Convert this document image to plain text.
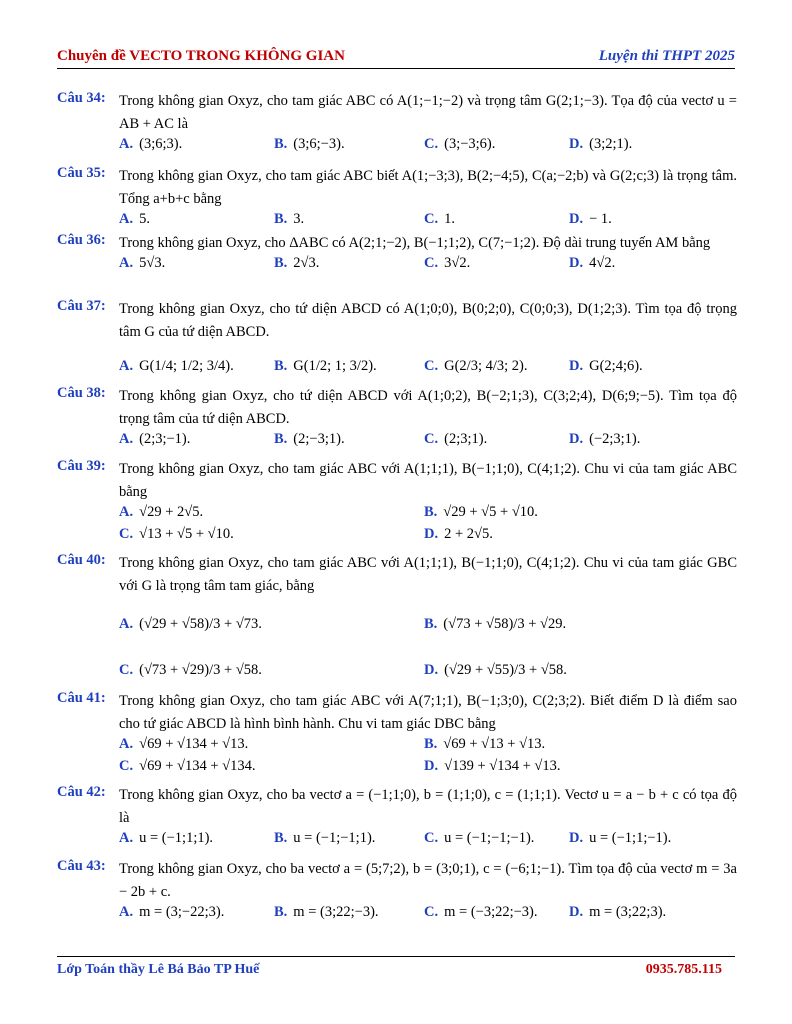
Chuyên đề VECTO TRONG KHÔNG GIAN	Luyện thi THPT 2025
Câu 34: Trong không gian Oxyz, cho tam giác ABC có A(1;−1;−2) và trọng tâm G(2;1;−3). Tọa độ của vectơ u = AB + AC là
A. (3;6;3).	B. (3;6;−3).	C. (3;−3;6).	D. (3;2;1).
Câu 35: Trong không gian Oxyz, cho tam giác ABC biết A(1;−3;3), B(2;−4;5), C(a;−2;b) và G(2;c;3) là trọng tâm. Tổng a+b+c bằng
A. 5.	B. 3.	C. 1.	D. − 1.
Câu 36: Trong không gian Oxyz, cho ΔABC có A(2;1;−2), B(−1;1;2), C(7;−1;2). Độ dài trung tuyến AM bằng
A. 5√3.	B. 2√3.	C. 3√2.	D. 4√2.
Câu 37: Trong không gian Oxyz, cho tứ diện ABCD có A(1;0;0), B(0;2;0), C(0;0;3), D(1;2;3). Tìm tọa độ trọng tâm G của tứ diện ABCD.
A. G(1/4; 1/2; 3/4).	B. G(1/2; 1; 3/2).	C. G(2/3; 4/3; 2).	D. G(2;4;6).
Câu 38: Trong không gian Oxyz, cho tứ diện ABCD với A(1;0;2), B(−2;1;3), C(3;2;4), D(6;9;−5). Tìm tọa độ trọng tâm của tứ diện ABCD.
A. (2;3;−1).	B. (2;−3;1).	C. (2;3;1).	D. (−2;3;1).
Câu 39: Trong không gian Oxyz, cho tam giác ABC với A(1;1;1), B(−1;1;0), C(4;1;2). Chu vi của tam giác ABC bằng
A. √29 + 2√5.	B. √29 + √5 + √10.
C. √13 + √5 + √10.	D. 2 + 2√5.
Câu 40: Trong không gian Oxyz, cho tam giác ABC với A(1;1;1), B(−1;1;0), C(4;1;2). Chu vi của tam giác GBC với G là trọng tâm tam giác, bằng
A. (√29 + √58)/3 + √73.	B. (√73 + √58)/3 + √29.
C. (√73 + √29)/3 + √58.	D. (√29 + √55)/3 + √58.
Câu 41: Trong không gian Oxyz, cho tam giác ABC với A(7;1;1), B(−1;3;0), C(2;3;2). Biết điểm D là điểm sao cho tứ giác ABCD là hình bình hành. Chu vi tam giác DBC bằng
A. √69 + √134 + √13.	B. √69 + √13 + √13.
C. √69 + √134 + √134.	D. √139 + √134 + √13.
Câu 42: Trong không gian Oxyz, cho ba vectơ a = (−1;1;0), b = (1;1;0), c = (1;1;1). Vectơ u = a − b + c có tọa độ là
A. u = (−1;1;1).	B. u = (−1;−1;1).	C. u = (−1;−1;−1). D. u = (−1;1;−1).
Câu 43: Trong không gian Oxyz, cho ba vectơ a = (5;7;2), b = (3;0;1), c = (−6;1;−1). Tìm tọa độ của vectơ m = 3a − 2b + c.
A. m = (3;−22;3).	B. m = (3;22;−3).	C. m = (−3;22;−3). D. m = (3;22;3).
Lớp Toán thầy Lê Bá Bảo TP Huế	0935.785.115
